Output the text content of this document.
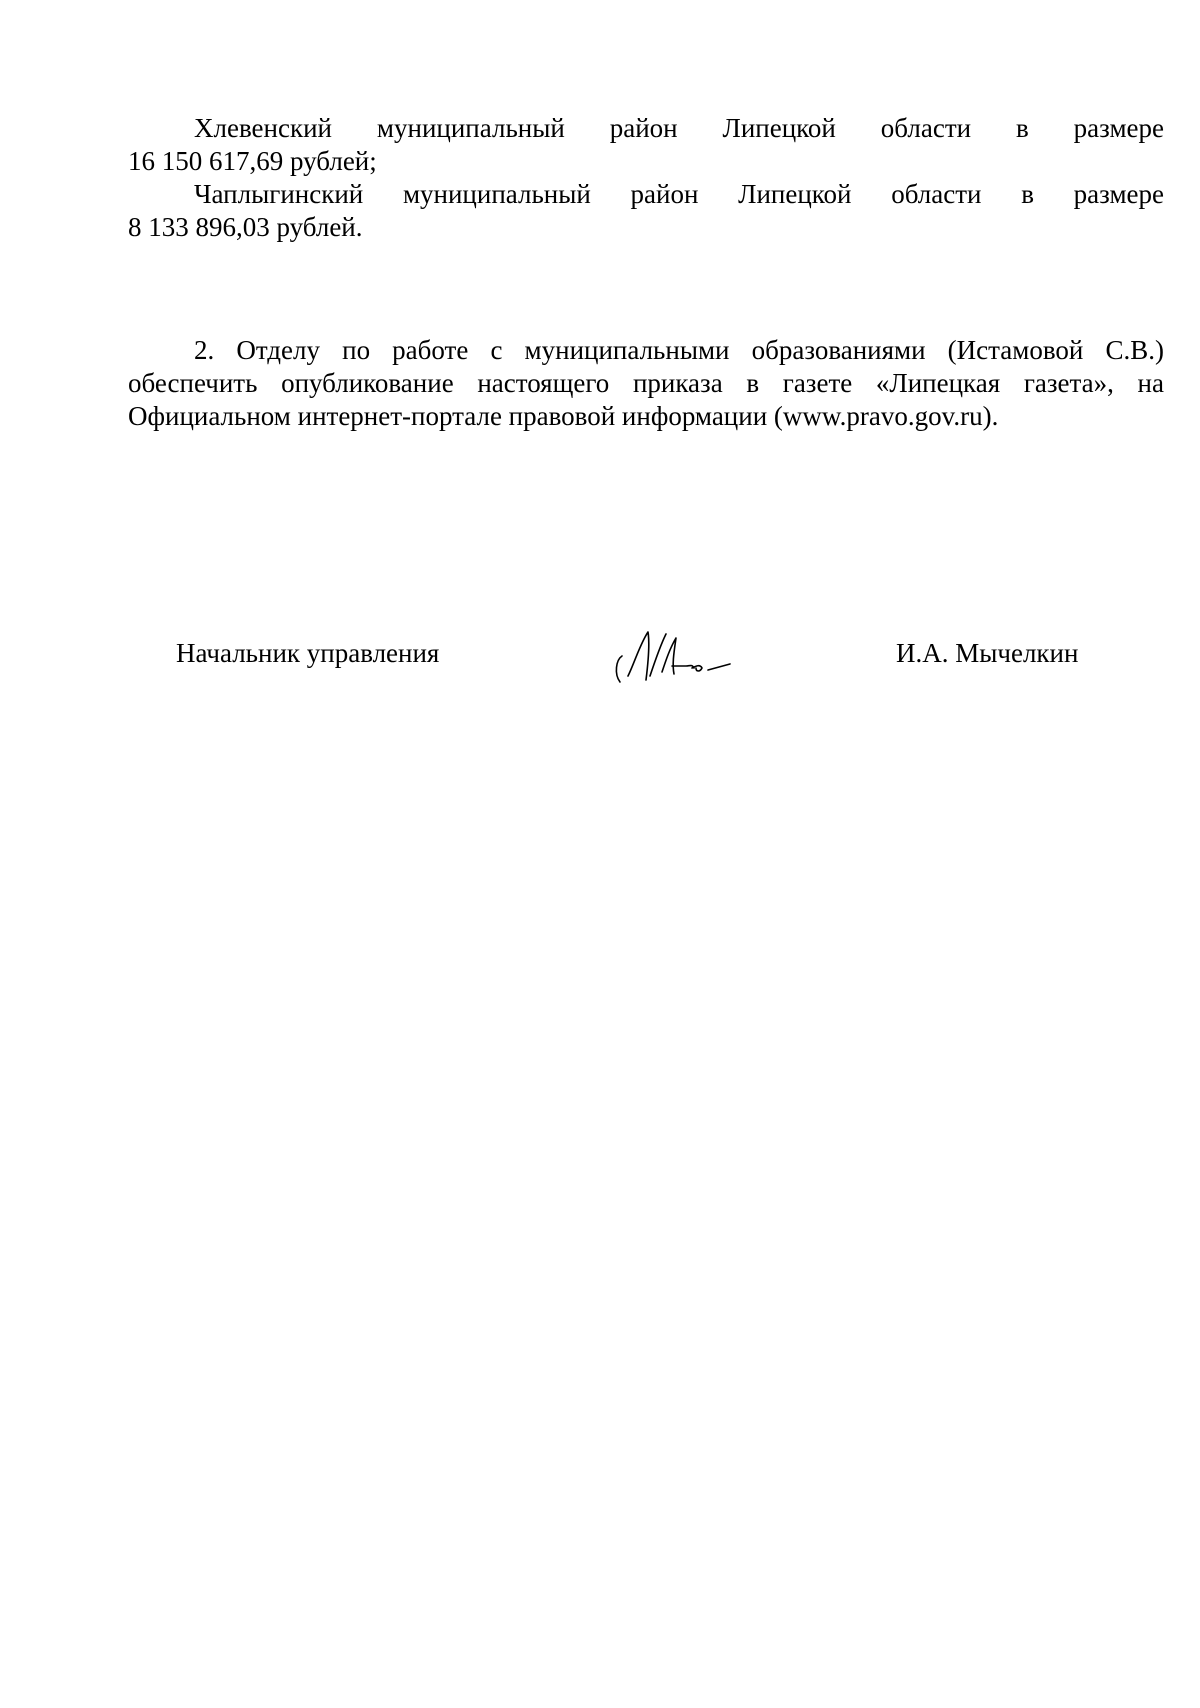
Хлевенский муниципальный район Липецкой области в размере
16 150 617,69 рублей;
Чаплыгинский муниципальный район Липецкой области в размере
8 133 896,03 рублей.

2. Отделу по работе с муниципальными образованиями (Истамовой С.В.) обеспечить опубликование настоящего приказа в газете «Липецкая газета», на Официальном интернет-портале правовой информации (www.pravo.gov.ru).

Начальник управления	И.А. Мычелкин
